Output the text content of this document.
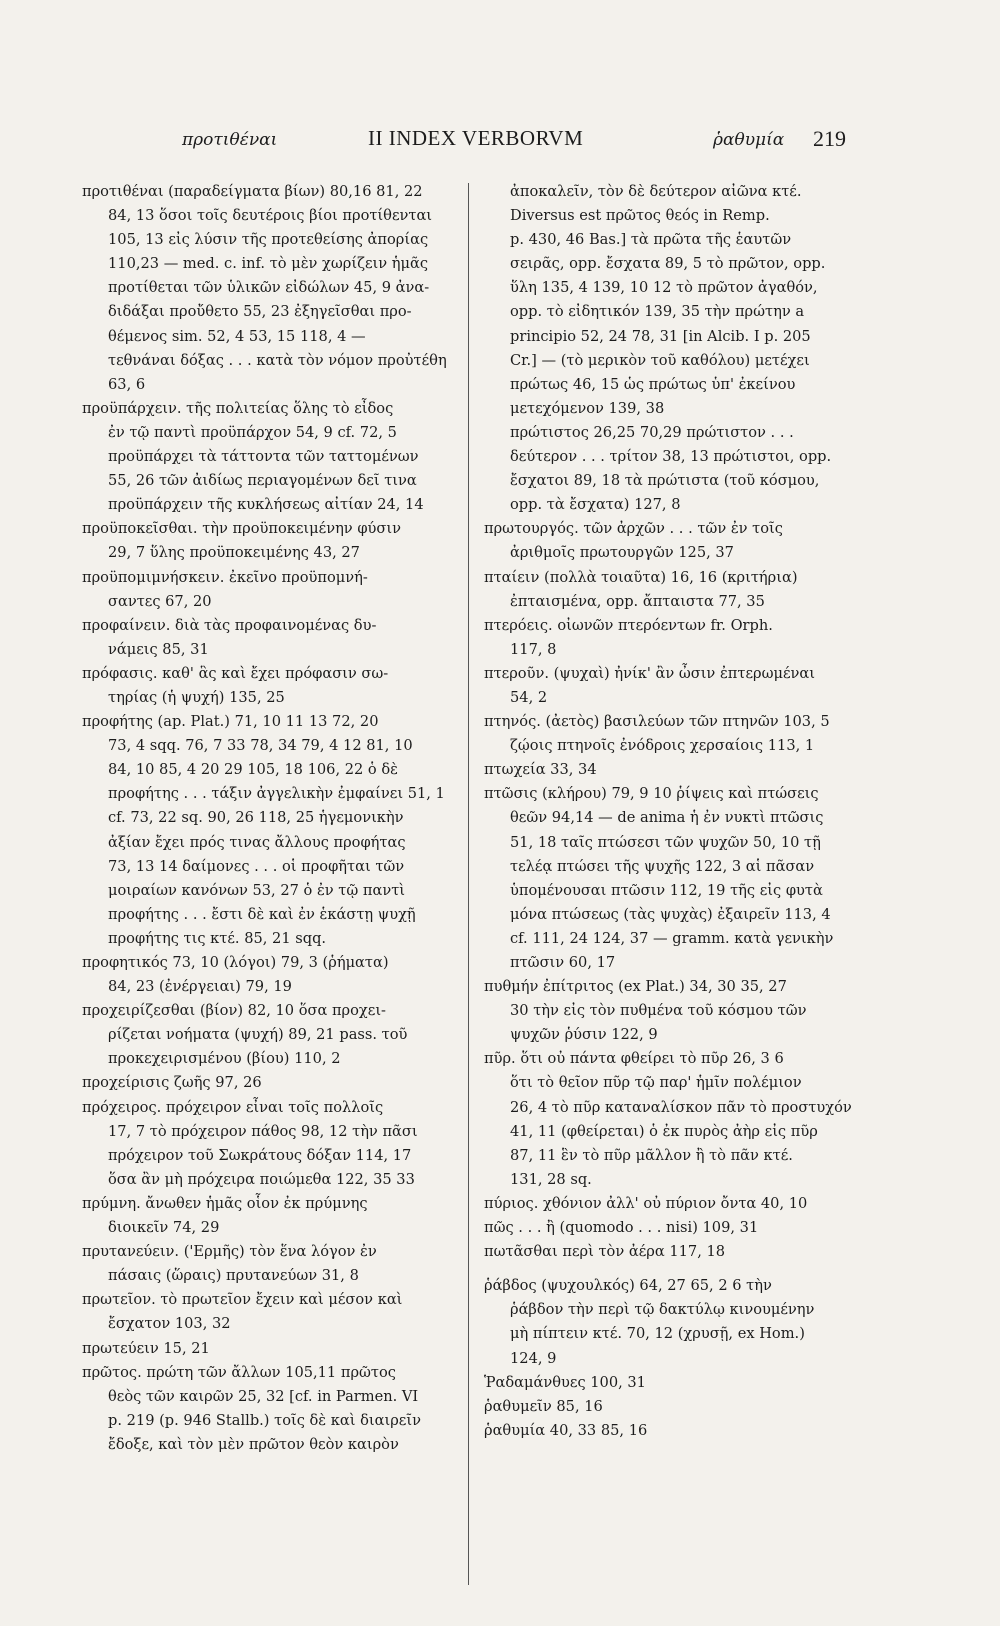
προτιθέναι	II INDEX VERBORVM	ῥαθυμία 219
προτιθέναι (παραδείγματα βίων) 80,16 81, 22
84, 13 ὅσοι τοῖς δευτέροις βίοι προτίθενται
105, 13 εἰς λύσιν τῆς προτεθείσης ἀπορίας
110,23 — med. c. inf. τὸ μὲν χωρίζειν ἡμᾶς
προτίθεται τῶν ὑλικῶν εἰδώλων 45, 9 ἀνα-
διδάξαι προὔθετο 55, 23 ἐξηγεῖσθαι προ-
θέμενος sim. 52, 4 53, 15 118, 4 —
τεθνάναι δόξας . . . κατὰ τὸν νόμον προὐτέθη
63, 6
προϋπάρχειν. τῆς πολιτείας ὅλης τὸ εἶδος
ἐν τῷ παντὶ προϋπάρχον 54, 9 cf. 72, 5
προϋπάρχει τὰ τάττοντα τῶν ταττομένων
55, 26 τῶν ἀιδίως περιαγομένων δεῖ τινα
προϋπάρχειν τῆς κυκλήσεως αἰτίαν 24, 14
προϋποκεῖσθαι. τὴν προϋποκειμένην φύσιν
29, 7 ὕλης προϋποκειμένης 43, 27
προϋπομιμνήσκειν. ἐκεῖνο προϋπομνή-
σαντες 67, 20
προφαίνειν. διὰ τὰς προφαινομένας δυ-
νάμεις 85, 31
πρόφασις. καθ' ἃς καὶ ἔχει πρόφασιν σω-
τηρίας (ἡ ψυχή) 135, 25
προφήτης (ap. Plat.) 71, 10 11 13 72, 20
73, 4 sqq. 76, 7 33 78, 34 79, 4 12 81, 10
84, 10 85, 4 20 29 105, 18 106, 22 ὁ δὲ
προφήτης . . . τάξιν ἀγγελικὴν ἐμφαίνει 51, 1
cf. 73, 22 sq. 90, 26 118, 25 ἡγεμονικὴν
ἀξίαν ἔχει πρός τινας ἄλλους προφήτας
73, 13 14 δαίμονες . . . οἱ προφῆται τῶν
μοιραίων κανόνων 53, 27 ὁ ἐν τῷ παντὶ
προφήτης . . . ἔστι δὲ καὶ ἐν ἑκάστῃ ψυχῇ
προφήτης τις κτέ. 85, 21 sqq.
προφητικός 73, 10 (λόγοι) 79, 3 (ῥήματα)
84, 23 (ἐνέργειαι) 79, 19
προχειρίζεσθαι (βίον) 82, 10 ὅσα προχει-
ρίζεται νοήματα (ψυχή) 89, 21 pass. τοῦ
προκεχειρισμένου (βίου) 110, 2
προχείρισις ζωῆς 97, 26
πρόχειρος. πρόχειρον εἶναι τοῖς πολλοῖς
17, 7 τὸ πρόχειρον πάθος 98, 12 τὴν πᾶσι
πρόχειρον τοῦ Σωκράτους δόξαν 114, 17
ὅσα ἂν μὴ πρόχειρα ποιώμεθα 122, 35 33
πρύμνη. ἄνωθεν ἡμᾶς οἷον ἐκ πρύμνης
διοικεῖν 74, 29
πρυτανεύειν. ('Ερμῆς) τὸν ἕνα λόγον ἐν
πάσαις (ὥραις) πρυτανεύων 31, 8
πρωτεῖον. τὸ πρωτεῖον ἔχειν καὶ μέσον καὶ
ἔσχατον 103, 32
πρωτεύειν 15, 21
πρῶτος. πρώτη τῶν ἄλλων 105,11 πρῶτος
θεὸς τῶν καιρῶν 25, 32 [cf. in Parmen. VI
p. 219 (p. 946 Stallb.) τοῖς δὲ καὶ διαιρεῖν
ἔδοξε, καὶ τὸν μὲν πρῶτον θεὸν καιρὸν
ἀποκαλεῖν, τὸν δὲ δεύτερον αἰῶνα κτέ.
Diversus est πρῶτος θεός in Remp.
p. 430, 46 Bas.] τὰ πρῶτα τῆς ἑαυτῶν
σειρᾶς, opp. ἔσχατα 89, 5 τὸ πρῶτον, opp.
ὕλη 135, 4 139, 10 12 τὸ πρῶτον ἀγαθόν,
opp. τὸ εἰδητικόν 139, 35 τὴν πρώτην a
principio 52, 24 78, 31 [in Alcib. I p. 205
Cr.] — (τὸ μερικὸν τοῦ καθόλου) μετέχει
πρώτως 46, 15 ὡς πρώτως ὑπ' ἐκείνου
μετεχόμενον 139, 38
πρώτιστος 26,25 70,29 πρώτιστον . . .
δεύτερον . . . τρίτον 38, 13 πρώτιστοι, opp.
ἔσχατοι 89, 18 τὰ πρώτιστα (τοῦ κόσμου,
opp. τὰ ἔσχατα) 127, 8
πρωτουργός. τῶν ἀρχῶν . . . τῶν ἐν τοῖς
ἀριθμοῖς πρωτουργῶν 125, 37
πταίειν (πολλὰ τοιαῦτα) 16, 16 (κριτήρια)
ἐπταισμένα, opp. ἄπταιστα 77, 35
πτερόεις. οἰωνῶν πτερόεντων fr. Orph.
117, 8
πτεροῦν. (ψυχαὶ) ἠνίκ' ἂν ὦσιν ἐπτερωμέναι
54, 2
πτηνός. (ἀετὸς) βασιλεύων τῶν πτηνῶν 103, 5
ζῴοις πτηνοῖς ἐνόδροις χερσαίοις 113, 1
πτωχεία 33, 34
πτῶσις (κλήρου) 79, 9 10 ῥίψεις καὶ πτώσεις
θεῶν 94,14 — de anima ἡ ἐν νυκτὶ πτῶσις
51, 18 ταῖς πτώσεσι τῶν ψυχῶν 50, 10 τῇ
τελέᾳ πτώσει τῆς ψυχῆς 122, 3 αἱ πᾶσαν
ὑπομένουσαι πτῶσιν 112, 19 τῆς εἰς φυτὰ
μόνα πτώσεως (τὰς ψυχὰς) ἐξαιρεῖν 113, 4
cf. 111, 24 124, 37 — gramm. κατὰ γενικὴν
πτῶσιν 60, 17
πυθμήν ἐπίτριτος (ex Plat.) 34, 30 35, 27
30 τὴν εἰς τὸν πυθμένα τοῦ κόσμου τῶν
ψυχῶν ῥύσιν 122, 9
πῦρ. ὅτι οὐ πάντα φθείρει τὸ πῦρ 26, 3 6
ὅτι τὸ θεῖον πῦρ τῷ παρ' ἡμῖν πολέμιον
26, 4 τὸ πῦρ καταναλίσκον πᾶν τὸ προστυχόν
41, 11 (φθείρεται) ὁ ἐκ πυρὸς ἀὴρ εἰς πῦρ
87, 11 ἓν τὸ πῦρ μᾶλλον ἢ τὸ πᾶν κτέ.
131, 28 sq.
πύριος. χθόνιον ἀλλ' οὐ πύριον ὄντα 40, 10
πῶς . . . ἢ (quomodo . . . nisi) 109, 31
πωτᾶσθαι περὶ τὸν ἀέρα 117, 18
ῥάβδος (ψυχουλκός) 64, 27 65, 2 6 τὴν
ῥάβδον τὴν περὶ τῷ δακτύλῳ κινουμένην
μὴ πίπτειν κτέ. 70, 12 (χρυσῇ, ex Hom.)
124, 9
Ῥαδαμάνθυες 100, 31
ῥαθυμεῖν 85, 16
ῥαθυμία 40, 33 85, 16
